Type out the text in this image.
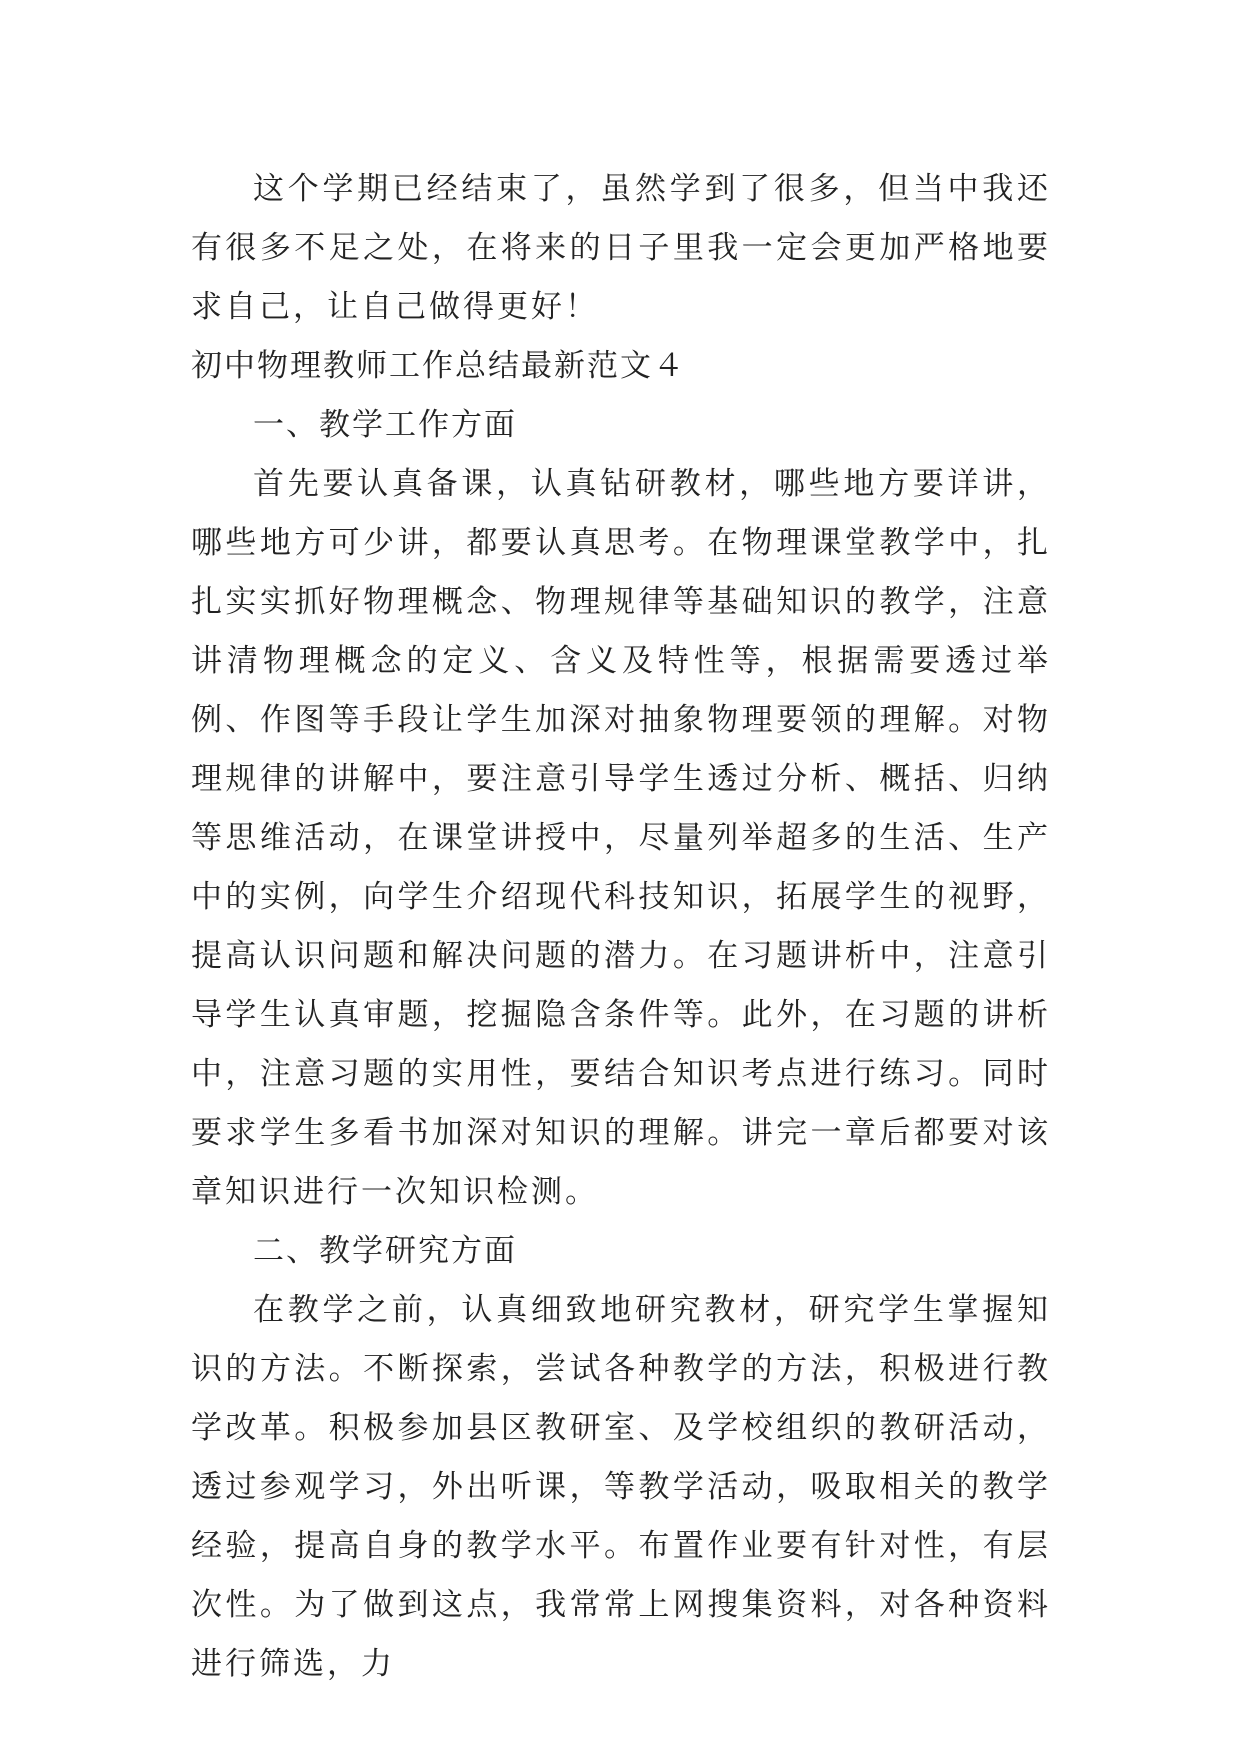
这个学期已经结束了，虽然学到了很多，但当中我还有很多不足之处，在将来的日子里我一定会更加严格地要求自己，让自己做得更好！

初中物理教师工作总结最新范文４

一、教学工作方面

首先要认真备课，认真钻研教材，哪些地方要详讲，哪些地方可少讲，都要认真思考。在物理课堂教学中，扎扎实实抓好物理概念、物理规律等基础知识的教学，注意讲清物理概念的定义、含义及特性等，根据需要透过举例、作图等手段让学生加深对抽象物理要领的理解。对物理规律的讲解中，要注意引导学生透过分析、概括、归纳等思维活动，在课堂讲授中，尽量列举超多的生活、生产中的实例，向学生介绍现代科技知识，拓展学生的视野，提高认识问题和解决问题的潜力。在习题讲析中，注意引导学生认真审题，挖掘隐含条件等。此外，在习题的讲析中，注意习题的实用性，要结合知识考点进行练习。同时要求学生多看书加深对知识的理解。讲完一章后都要对该章知识进行一次知识检测。

二、教学研究方面

在教学之前，认真细致地研究教材，研究学生掌握知识的方法。不断探索，尝试各种教学的方法，积极进行教学改革。积极参加县区教研室、及学校组织的教研活动，透过参观学习，外出听课，等教学活动，吸取相关的教学经验，提高自身的教学水平。布置作业要有针对性，有层次性。为了做到这点，我常常上网搜集资料，对各种资料进行筛选，力
